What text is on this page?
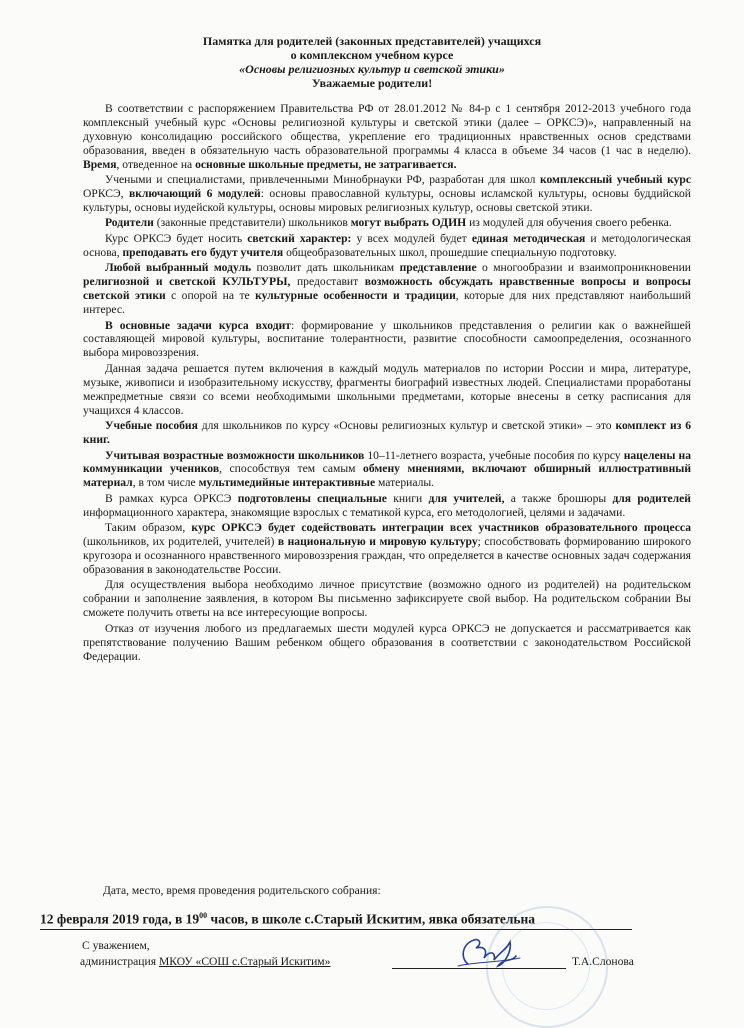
Памятка для родителей (законных представителей) учащихся
о комплексном учебном курсе
«Основы религиозных культур и светской этики»
Уважаемые родители!

В соответствии с распоряжением Правительства РФ от 28.01.2012 № 84-р с 1 сентября 2012-2013 учебного года комплексный учебный курс «Основы религиозной культуры и светской этики (далее – ОРКСЭ)», направленный на духовную консолидацию российского общества, укрепление его традиционных нравственных основ средствами образования, введен в обязательную часть образовательной программы 4 класса в объеме 34 часов (1 час в неделю). Время, отведенное на основные школьные предметы, не затрагивается.

Учеными и специалистами, привлеченными Минобрнауки РФ, разработан для школ комплексный учебный курс ОРКСЭ, включающий 6 модулей: основы православной культуры, основы исламской культуры, основы буддийской культуры, основы иудейской культуры, основы мировых религиозных культур, основы светской этики.

Родители (законные представители) школьников могут выбрать ОДИН из модулей для обучения своего ребенка.

Курс ОРКСЭ будет носить светский характер: у всех модулей будет единая методическая и методологическая основа, преподавать его будут учителя общеобразовательных школ, прошедшие специальную подготовку.

Любой выбранный модуль позволит дать школьникам представление о многообразии и взаимопроникновении религиозной и светской КУЛЬТУРЫ, предоставит возможность обсуждать нравственные вопросы и вопросы светской этики с опорой на те культурные особенности и традиции, которые для них представляют наибольший интерес.

В основные задачи курса входит: формирование у школьников представления о религии как о важнейшей составляющей мировой культуры, воспитание толерантности, развитие способности самоопределения, осознанного выбора мировоззрения.

Данная задача решается путем включения в каждый модуль материалов по истории России и мира, литературе, музыке, живописи и изобразительному искусству, фрагменты биографий известных людей. Специалистами проработаны межпредметные связи со всеми необходимыми школьными предметами, которые внесены в сетку расписания для учащихся 4 классов.

Учебные пособия для школьников по курсу «Основы религиозных культур и светской этики» – это комплект из 6 книг.

Учитывая возрастные возможности школьников 10–11-летнего возраста, учебные пособия по курсу нацелены на коммуникации учеников, способствуя тем самым обмену мнениями, включают обширный иллюстративный материал, в том числе мультимедийные интерактивные материалы.

В рамках курса ОРКСЭ подготовлены специальные книги для учителей, а также брошюры для родителей информационного характера, знакомящие взрослых с тематикой курса, его методологией, целями и задачами.

Таким образом, курс ОРКСЭ будет содействовать интеграции всех участников образовательного процесса (школьников, их родителей, учителей) в национальную и мировую культуру; способствовать формированию широкого кругозора и осознанного нравственного мировоззрения граждан, что определяется в качестве основных задач содержания образования в законодательстве России.

Для осуществления выбора необходимо личное присутствие (возможно одного из родителей) на родительском собрании и заполнение заявления, в котором Вы письменно зафиксируете свой выбор. На родительском собрании Вы сможете получить ответы на все интересующие вопросы.

Отказ от изучения любого из предлагаемых шести модулей курса ОРКСЭ не допускается и рассматривается как препятствование получению Вашим ребенком общего образования в соответствии с законодательством Российской Федерации.

Дата, место, время проведения родительского собрания:
12 февраля 2019 года, в $19^{00}$ часов, в школе с.Старый Искитим, явка обязательна
С уважением,
администрация МКОУ «СОШ с.Старый Искитим»	Т.А.Слонова
